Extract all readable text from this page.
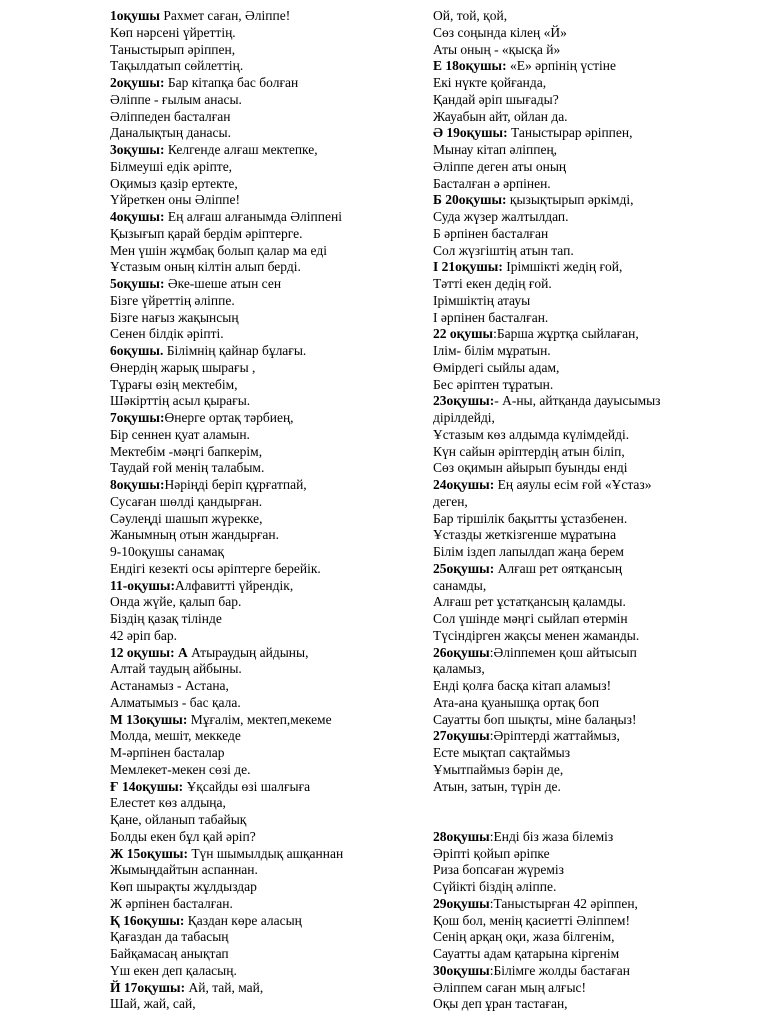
1оқушы Рахмет саған, Әліппе!
Көп нәрсені үйреттің.
Таныстырып әріппен,
Тақылдатып сөйлеттің.
2оқушы: Бар кітапқа бас болған
Әліппе - ғылым анасы.
Әліппеден басталған
Даналықтың данасы.
3оқушы: Келгенде алғаш мектепке,
Білмеуші едік әріпте,
Оқимыз қазір ертекте,
Үйреткен оны Әліппе!
4оқушы: Ең алғаш алғанымда Әліппені
Қызығып қарай бердім әріптерге.
Мен үшін жұмбақ болып қалар ма еді
Ұстазым оның кілтін алып берді.
5оқушы: Әке-шеше атын сен
Бізге үйреттің әліппе.
Бізге нағыз жақынсың
Сенен білдік әріпті.
6оқушы. Білімнің қайнар бұлағы.
Өнердің жарық шырағы ,
Тұрағы өзің мектебім,
Шәкірттің асыл қырағы.
7оқушы:Өнерге ортақ тәрбиең,
Бір сеннен қуат аламын.
Мектебім -мәңгі бапкерім,
Таудай ғой менің талабым.
8оқушы:Нәріңді беріп құрғатпай,
Сусаған шөлді қандырған.
Сәулеңді шашып жүрекке,
Жанымның отын жандырған.
9-10оқушы санамақ
Ендігі кезекті осы әріптерге берейік.
11-оқушы:Алфавитті үйрендік,
Онда жүйе, қалып бар.
Біздің қазақ тілінде
42 әріп бар.
12 оқушы: А Атыраудың айдыны,
Алтай таудың айбыны.
Астанамыз - Астана,
Алматымыз - бас қала.
М 13оқушы: Мұғалім, мектеп,мекеме
Молда, мешіт, меккеде
М-әрпінен басталар
Мемлекет-мекен сөзі де.
Ғ 14оқушы: Ұқсайды өзі шалғыға
Елестет көз алдыңа,
Қане, ойланып табайық
Болды екен бұл қай әріп?
Ж 15оқушы: Түн шымылдық ашқаннан
Жымыңдайтын аспаннан.
Көп шырақты жұлдыздар
Ж әрпінен басталған.
Қ 16оқушы: Қаздан көре аласың
Қағаздан да табасың
Байқамасаң анықтап
Үш екен деп қаласың.
Й 17оқушы: Ай, тай, май,
Шай, жай, сай,
Ой, той, қой,
Сөз соңында кілең «Й»
Аты оның - «қысқа й»
Е 18оқушы: «Е» әрпінің үстіне
Екі нүкте қойғанда,
Қандай әріп шығады?
Жауабын айт, ойлан да.
Ә 19оқушы: Таныстырар әріппен,
Мынау кітап әліппең,
Әліппе деген аты оның
Басталған ә әрпінен.
Б 20оқушы: қызықтырып әркімді,
Суда жүзер жалтылдап.
Б әрпінен басталған
Сол жүзгіштің атын тап.
І 21оқушы: Ірімшікті жедің ғой,
Тәтті екен дедің ғой.
Ірімшіктің атауы
І әрпінен басталған.
22 оқушы:Барша жұртқа сыйлаған,
Ілім- білім мұратын.
Өмірдегі сыйлы адам,
Бес әріптен тұратын.
23оқушы:- А-ны, айтқанда дауысымыз
дірілдейді,
Ұстазым көз алдымда күлімдейді.
Күн сайын әріптердің атын біліп,
Сөз оқимын айырып буынды енді
24оқушы: Ең аяулы есім ғой «Ұстаз»
деген,
Бар тіршілік бақытты ұстазбенен.
Ұстазды жеткізгенше мұратына
Білім іздеп лапылдап жаңа берем
25оқушы: Алғаш рет оятқансың
санамды,
Алғаш рет ұстатқансың қаламды.
Сол үшінде мәңгі сыйлап өтермін
Түсіндірген жақсы менен жаманды.
26оқушы:Әліппемен қош айтысып
қаламыз,
Енді қолға басқа кітап аламыз!
Ата-ана қуанышқа ортақ боп
Сауатты боп шықты, міне балаңыз!
27оқушы:Әріптерді жаттаймыз,
Есте мықтап сақтаймыз
Ұмытпаймыз бәрін де,
Атын, затын, түрін де.
28оқушы:Енді біз жаза білеміз
Әріпті қойып әріпке
Риза бопсаған жүреміз
Сүйікті біздің әліппе.
29оқушы:Таныстырған 42 әріппен,
Қош бол, менің қасиетті Әліппем!
Сенің арқаң оқи, жаза білгенім,
Сауатты адам қатарына кіргенім
30оқушы:Білімге жолды бастаған
Әліппем саған мың алғыс!
Оқы деп ұран тастаған,
